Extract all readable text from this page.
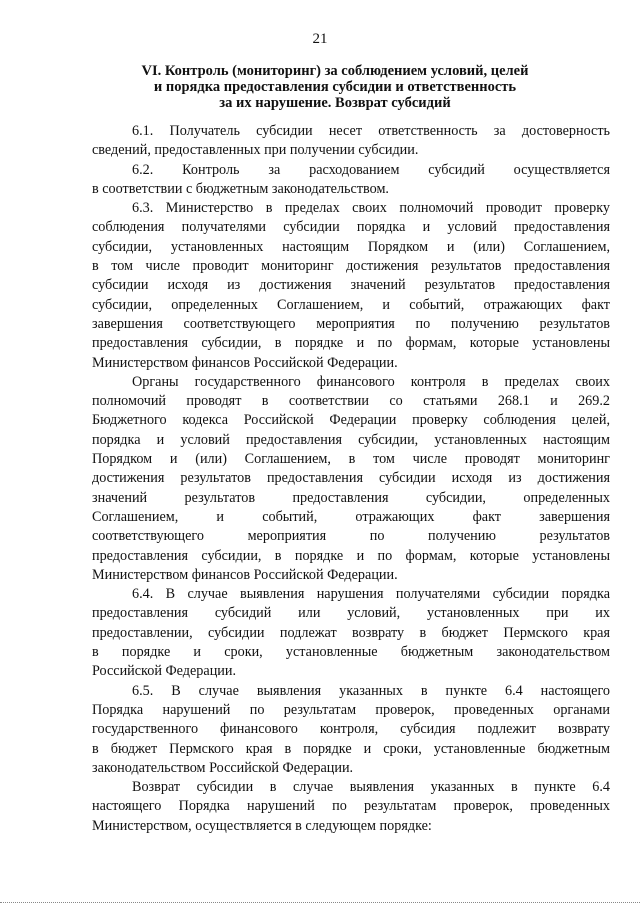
21
VI. Контроль (мониторинг) за соблюдением условий, целей
и порядка предоставления субсидии и ответственность
за их нарушение. Возврат субсидий
6.1. Получатель субсидии несет ответственность за достоверность
сведений, предоставленных при получении субсидии.
6.2. Контроль за расходованием субсидий осуществляется
в соответствии с бюджетным законодательством.
6.3. Министерство в пределах своих полномочий проводит проверку
соблюдения получателями субсидии порядка и условий предоставления
субсидии, установленных настоящим Порядком и (или) Соглашением,
в том числе проводит мониторинг достижения результатов предоставления
субсидии исходя из достижения значений результатов предоставления
субсидии, определенных Соглашением, и событий, отражающих факт
завершения соответствующего мероприятия по получению результатов
предоставления субсидии, в порядке и по формам, которые установлены
Министерством финансов Российской Федерации.
Органы государственного финансового контроля в пределах своих
полномочий проводят в соответствии со статьями 268.1 и 269.2
Бюджетного кодекса Российской Федерации проверку соблюдения целей,
порядка и условий предоставления субсидии, установленных настоящим
Порядком и (или) Соглашением, в том числе проводят мониторинг
достижения результатов предоставления субсидии исходя из достижения
значений результатов предоставления субсидии, определенных
Соглашением, и событий, отражающих факт завершения
соответствующего мероприятия по получению результатов
предоставления субсидии, в порядке и по формам, которые установлены
Министерством финансов Российской Федерации.
6.4. В случае выявления нарушения получателями субсидии порядка
предоставления субсидий или условий, установленных при их
предоставлении, субсидии подлежат возврату в бюджет Пермского края
в порядке и сроки, установленные бюджетным законодательством
Российской Федерации.
6.5. В случае выявления указанных в пункте 6.4 настоящего
Порядка нарушений по результатам проверок, проведенных органами
государственного финансового контроля, субсидия подлежит возврату
в бюджет Пермского края в порядке и сроки, установленные бюджетным
законодательством Российской Федерации.
Возврат субсидии в случае выявления указанных в пункте 6.4
настоящего Порядка нарушений по результатам проверок, проведенных
Министерством, осуществляется в следующем порядке:
